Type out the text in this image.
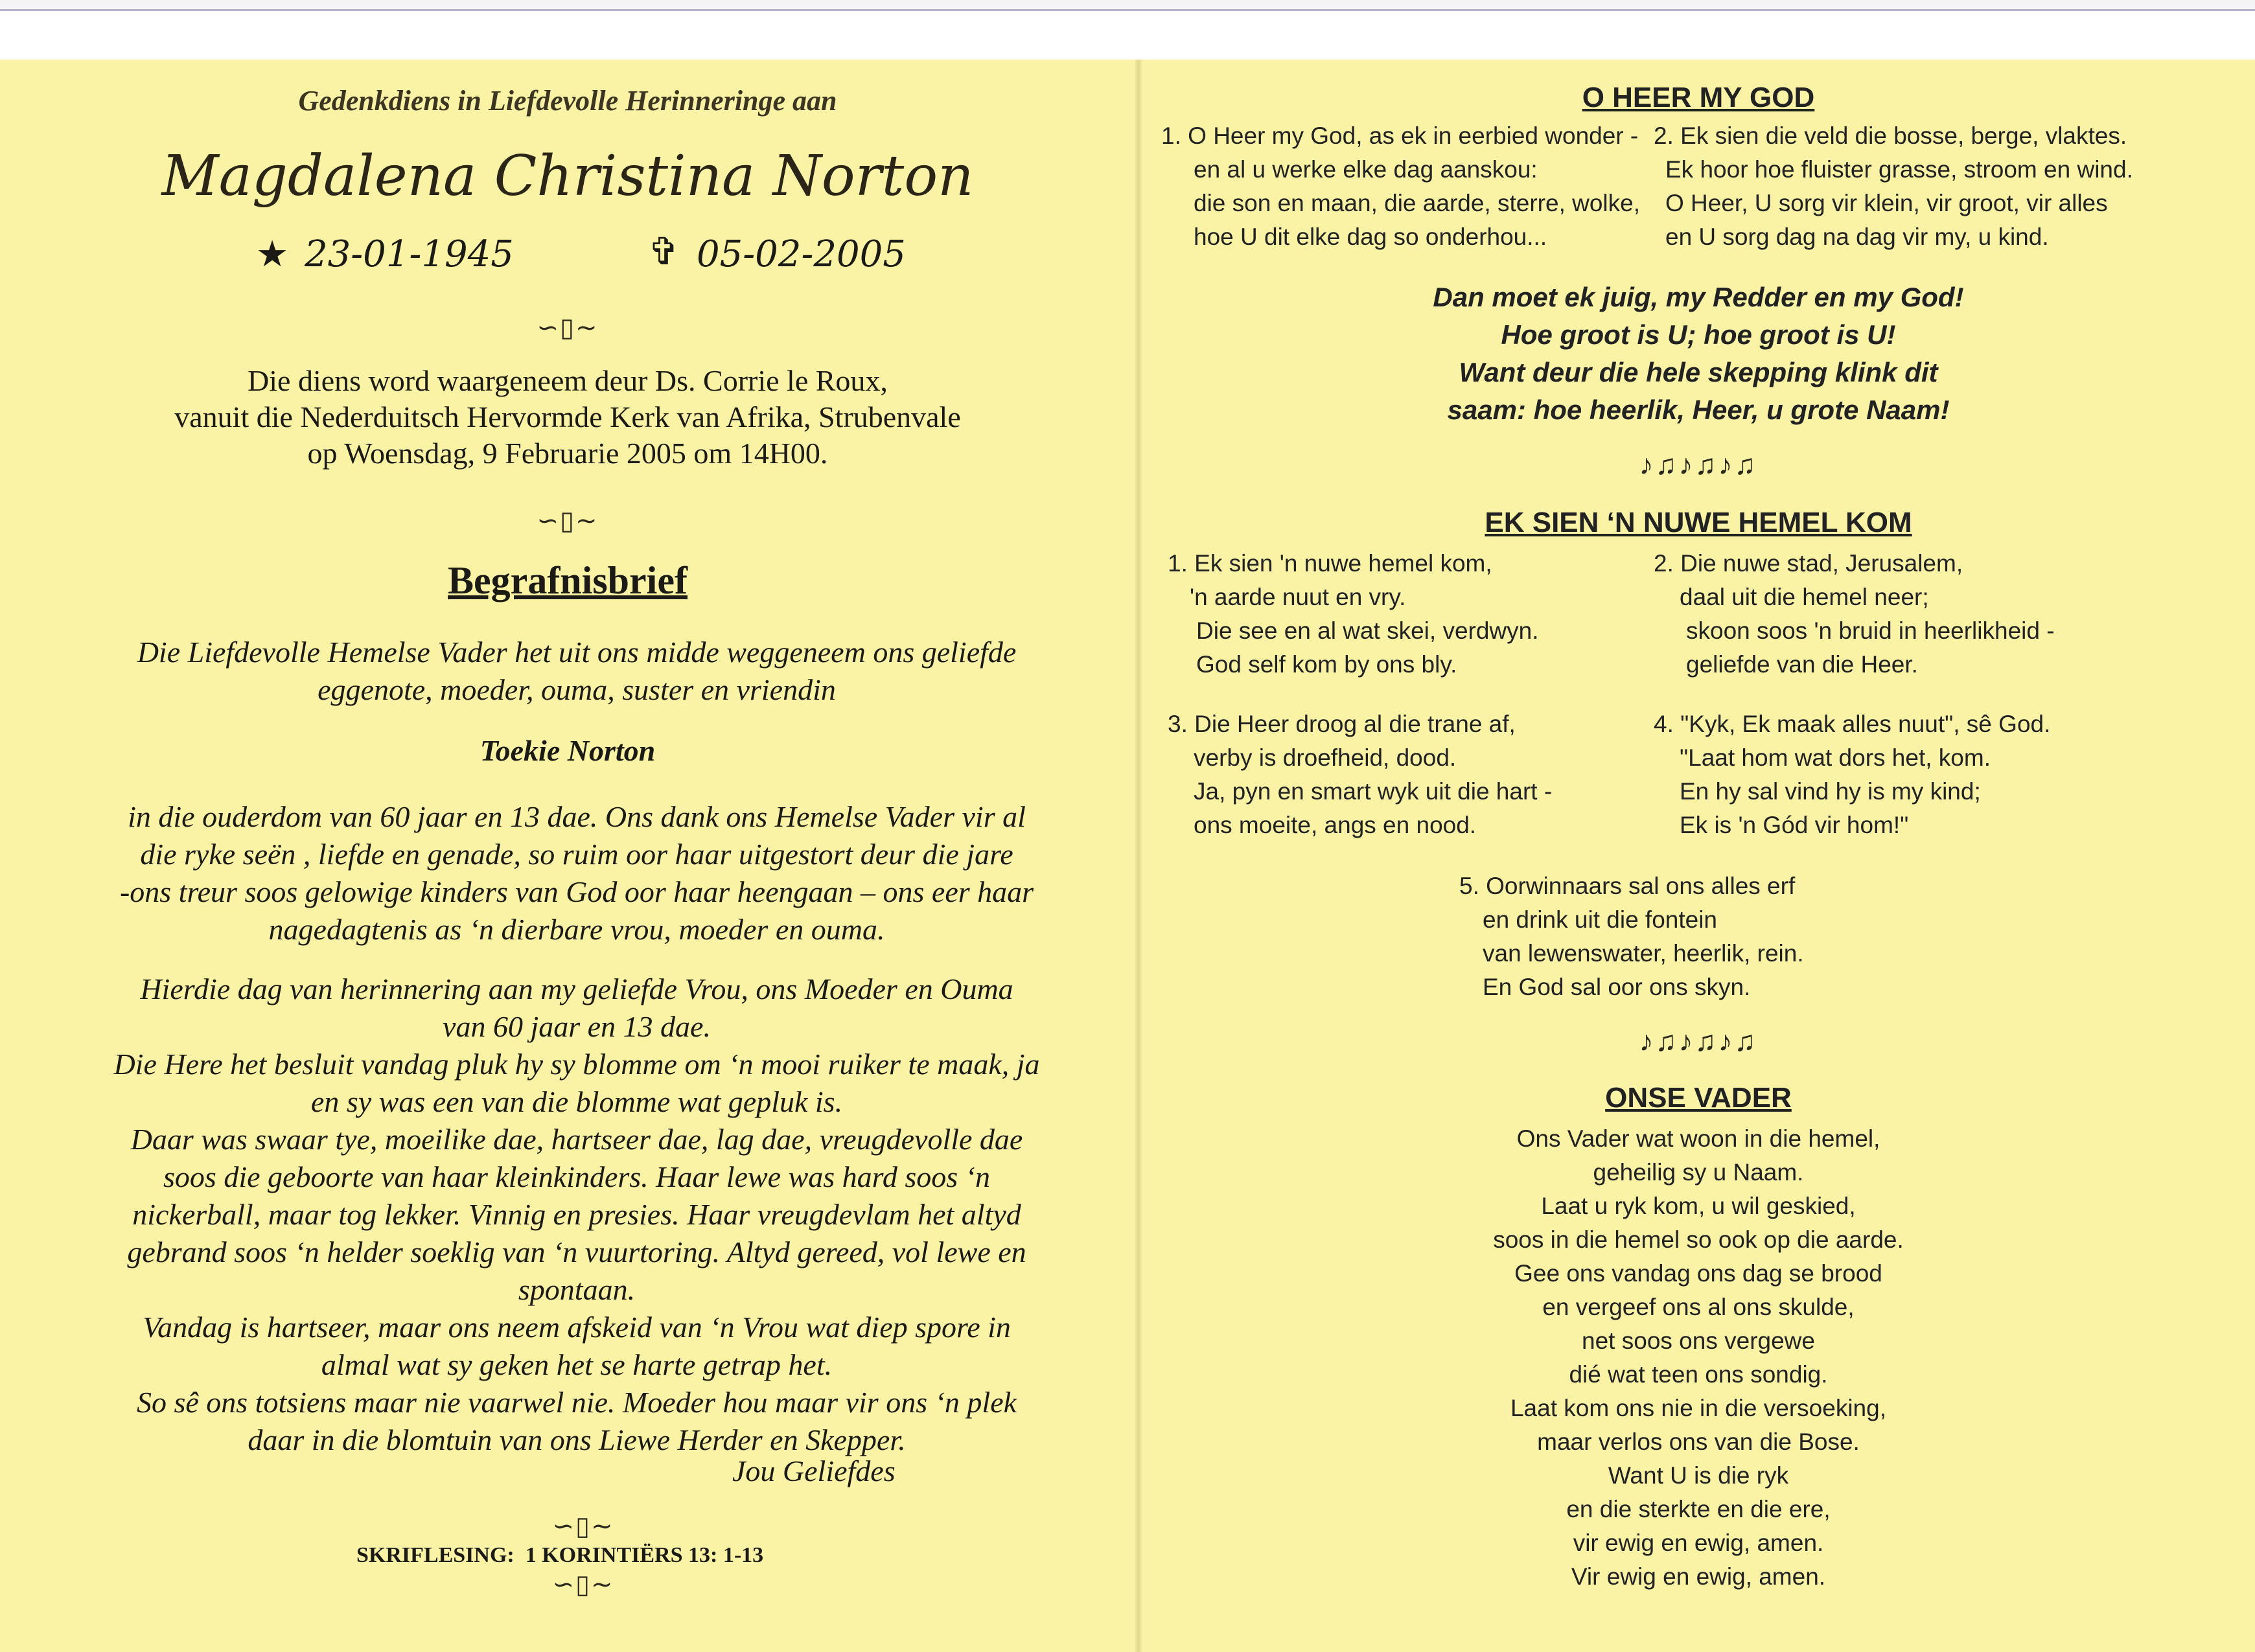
Gedenkdiens in Liefdevolle Herinneringe aan
Magdalena Christina Norton
★ 23-01-1945	✞ 05-02-2005
∽▯∼
Die diens word waargeneem deur Ds. Corrie le Roux,
vanuit die Nederduitsch Hervormde Kerk van Afrika, Strubenvale
op Woensdag, 9 Februarie 2005 om 14H00.
∽▯∼
Begrafnisbrief
Die Liefdevolle Hemelse Vader het uit ons midde weggeneem ons geliefde
eggenote, moeder, ouma, suster en vriendin
Toekie Norton
in die ouderdom van 60 jaar en 13 dae. Ons dank ons Hemelse Vader vir al
die ryke seën , liefde en genade, so ruim oor haar uitgestort deur die jare
-ons treur soos gelowige kinders van God oor haar heengaan – ons eer haar
nagedagtenis as ‘n dierbare vrou, moeder en ouma.
Hierdie dag van herinnering aan my geliefde Vrou, ons Moeder en Ouma
van 60 jaar en 13 dae.
Die Here het besluit vandag pluk hy sy blomme om ‘n mooi ruiker te maak, ja
en sy was een van die blomme wat gepluk is.
Daar was swaar tye, moeilike dae, hartseer dae, lag dae, vreugdevolle dae
soos die geboorte van haar kleinkinders. Haar lewe was hard soos ‘n
nickerball, maar tog lekker. Vinnig en presies. Haar vreugdevlam het altyd
gebrand soos ‘n helder soeklig van ‘n vuurtoring. Altyd gereed, vol lewe en
spontaan.
Vandag is hartseer, maar ons neem afskeid van ‘n Vrou wat diep spore in
almal wat sy geken het se harte getrap het.
So sê ons totsiens maar nie vaarwel nie. Moeder hou maar vir ons ‘n plek
daar in die blomtuin van ons Liewe Herder en Skepper.
Jou Geliefdes
∽▯∼
SKRIFLESING: 1 KORINTIËRS 13: 1-13
∽▯∼
O HEER MY GOD
1. O Heer my God, as ek in eerbied wonder -
en al u werke elke dag aanskou:
die son en maan, die aarde, sterre, wolke,
hoe U dit elke dag so onderhou...
2. Ek sien die veld die bosse, berge, vlaktes.
Ek hoor hoe fluister grasse, stroom en wind.
O Heer, U sorg vir klein, vir groot, vir alles
en U sorg dag na dag vir my, u kind.
Dan moet ek juig, my Redder en my God!
Hoe groot is U; hoe groot is U!
Want deur die hele skepping klink dit
saam: hoe heerlik, Heer, u grote Naam!
♪♫♪♫♪♫
EK SIEN ‘N NUWE HEMEL KOM
1. Ek sien 'n nuwe hemel kom,
'n aarde nuut en vry.
Die see en al wat skei, verdwyn.
God self kom by ons bly.
2. Die nuwe stad, Jerusalem,
daal uit die hemel neer;
skoon soos 'n bruid in heerlikheid -
geliefde van die Heer.
3. Die Heer droog al die trane af,
verby is droefheid, dood.
Ja, pyn en smart wyk uit die hart -
ons moeite, angs en nood.
4. "Kyk, Ek maak alles nuut", sê God.
"Laat hom wat dors het, kom.
En hy sal vind hy is my kind;
Ek is 'n Gód vir hom!"
5. Oorwinnaars sal ons alles erf
en drink uit die fontein
van lewenswater, heerlik, rein.
En God sal oor ons skyn.
♪♫♪♫♪♫
ONSE VADER
Ons Vader wat woon in die hemel,
geheilig sy u Naam.
Laat u ryk kom, u wil geskied,
soos in die hemel so ook op die aarde.
Gee ons vandag ons dag se brood
en vergeef ons al ons skulde,
net soos ons vergewe
dié wat teen ons sondig.
Laat kom ons nie in die versoeking,
maar verlos ons van die Bose.
Want U is die ryk
en die sterkte en die ere,
vir ewig en ewig, amen.
Vir ewig en ewig, amen.
